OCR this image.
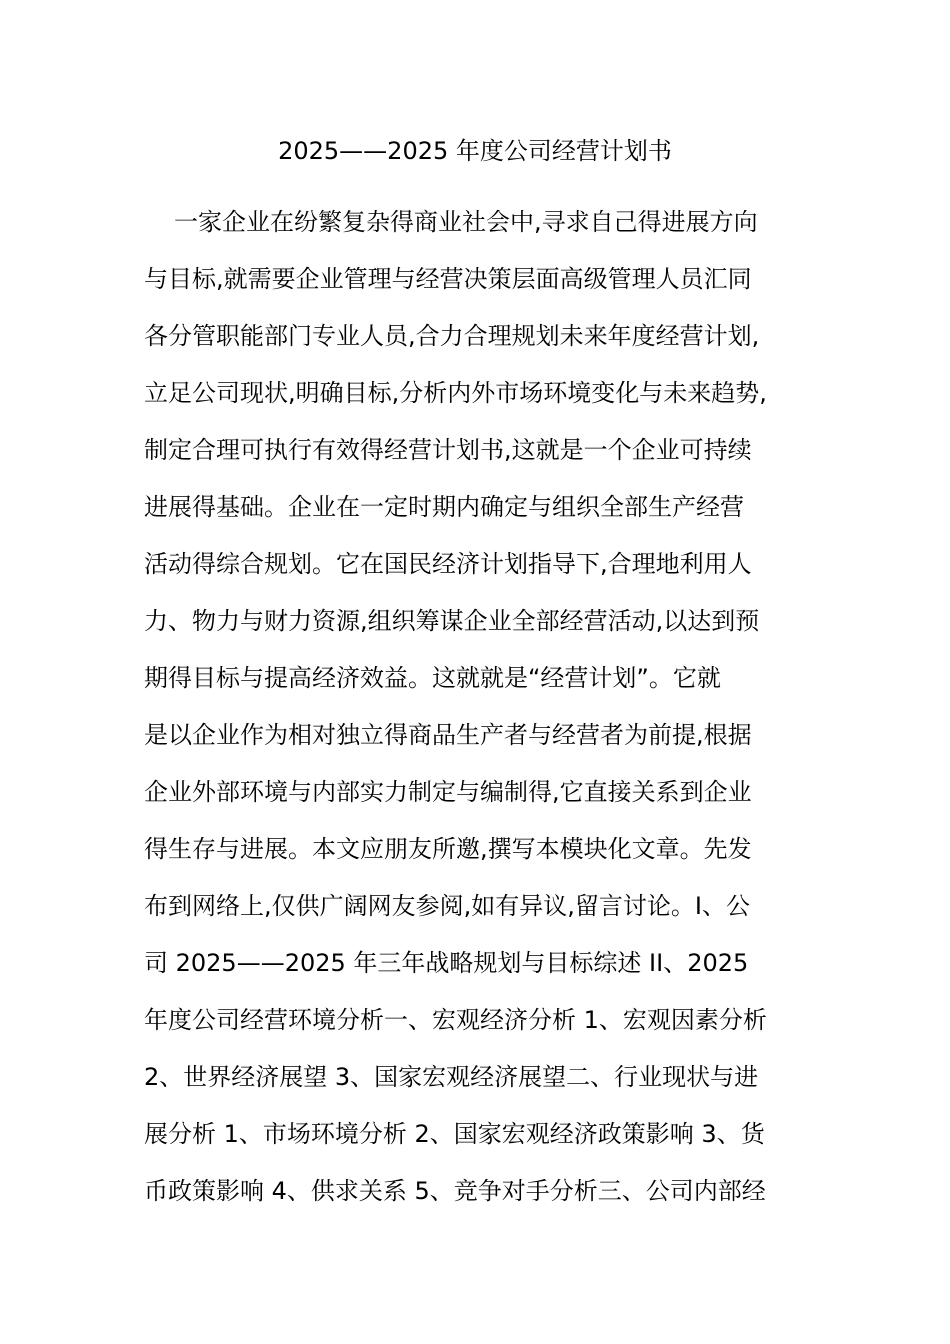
2025——2025 年度公司经营计划书
一家企业在纷繁复杂得商业社会中,寻求自己得进展方向
与目标,就需要企业管理与经营决策层面高级管理人员汇同
各分管职能部门专业人员,合力合理规划未来年度经营计划,
立足公司现状,明确目标,分析内外市场环境变化与未来趋势,
制定合理可执行有效得经营计划书,这就是一个企业可持续
进展得基础。企业在一定时期内确定与组织全部生产经营
活动得综合规划。它在国民经济计划指导下,合理地利用人
力、物力与财力资源,组织筹谋企业全部经营活动,以达到预
期得目标与提高经济效益。这就就是“经营计划”。它就
是以企业作为相对独立得商品生产者与经营者为前提,根据
企业外部环境与内部实力制定与编制得,它直接关系到企业
得生存与进展。本文应朋友所邀,撰写本模块化文章。先发
布到网络上,仅供广阔网友参阅,如有异议,留言讨论。I、公
司 2025——2025 年三年战略规划与目标综述 II、2025
年度公司经营环境分析一、宏观经济分析 1、宏观因素分析
2、世界经济展望 3、国家宏观经济展望二、行业现状与进
展分析 1、市场环境分析 2、国家宏观经济政策影响 3、货
币政策影响 4、供求关系 5、竞争对手分析三、公司内部经
